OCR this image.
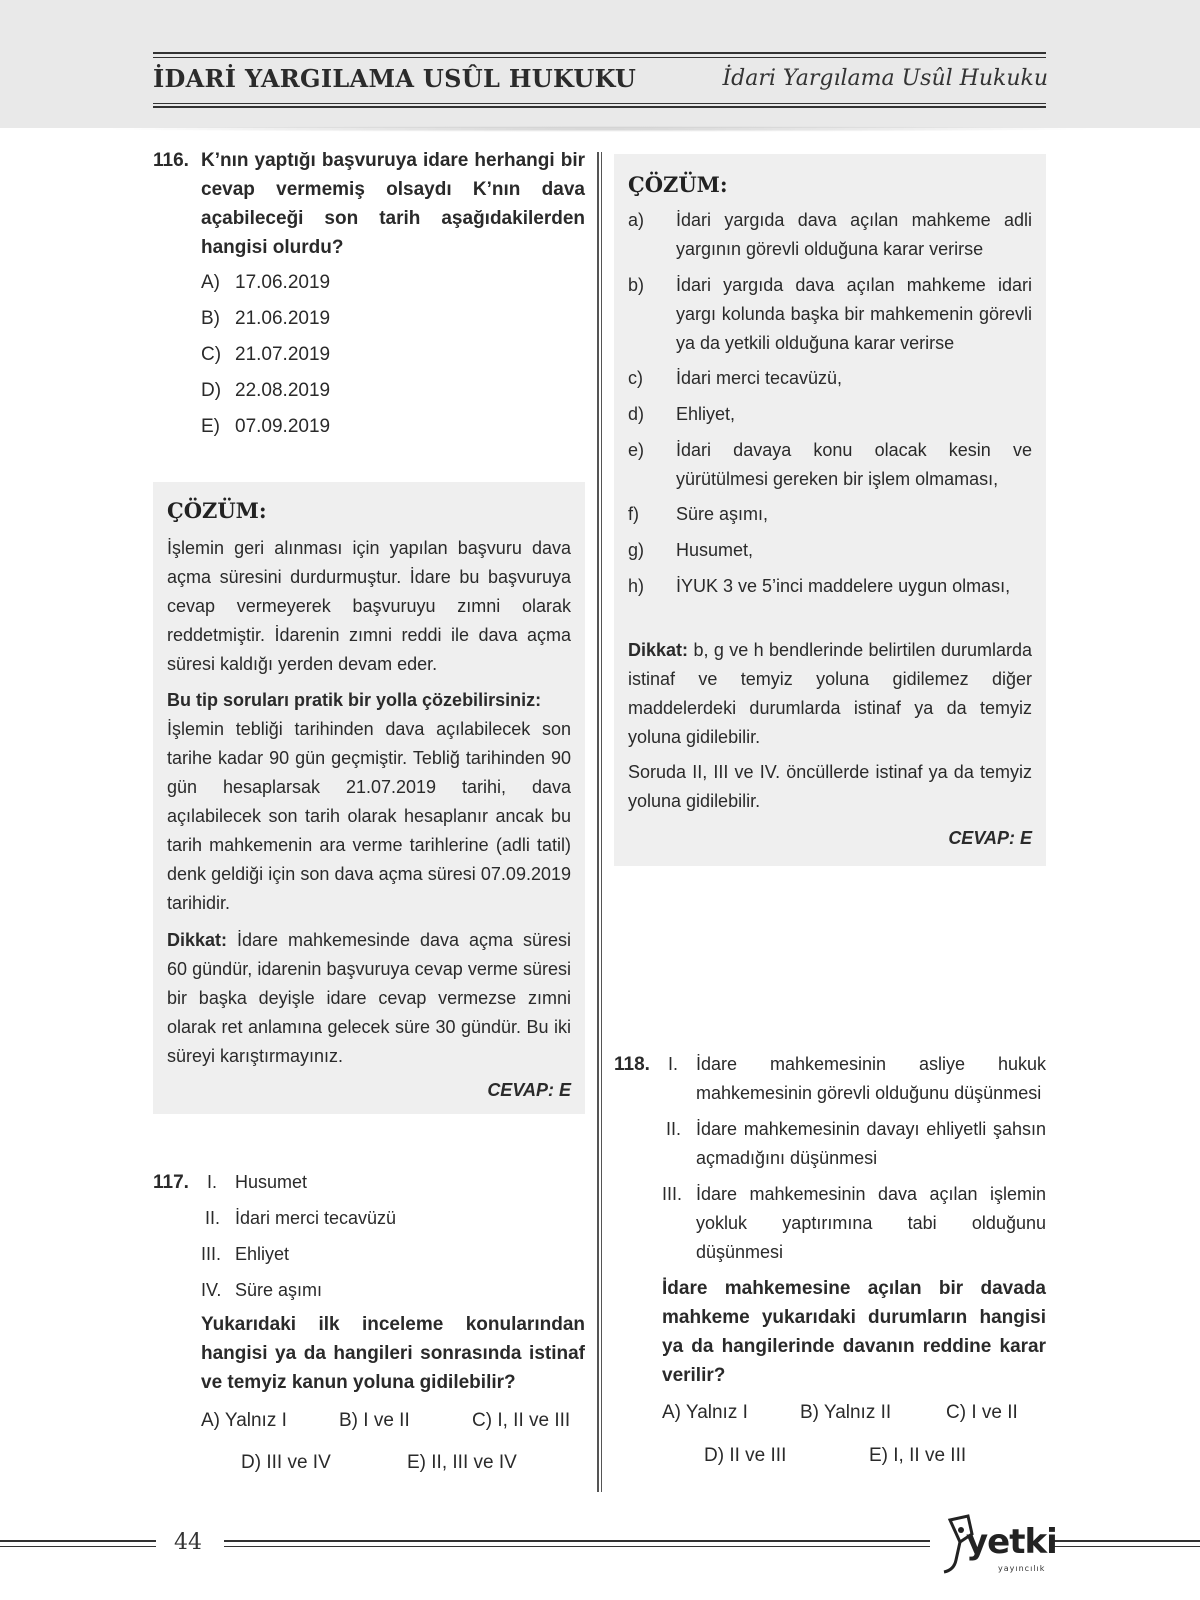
İDARİ YARGILAMA USÛL HUKUKU	İdari Yargılama Usûl Hukuku
116. K’nın yaptığı başvuruya idare herhangi bir cevap vermemiş olsaydı K’nın dava açabileceği son tarih aşağıdakilerden hangisi olurdu?
A) 17.06.2019
B) 21.06.2019
C) 21.07.2019
D) 22.08.2019
E) 07.09.2019
ÇÖZÜM:
İşlemin geri alınması için yapılan başvuru dava açma süresini durdurmuştur. İdare bu başvuruya cevap vermeyerek başvuruyu zımni olarak reddetmiştir. İdarenin zımni reddi ile dava açma süresi kaldığı yerden devam eder.
Bu tip soruları pratik bir yolla çözebilirsiniz:
İşlemin tebliği tarihinden dava açılabilecek son tarihe kadar 90 gün geçmiştir. Tebliğ tarihinden 90 gün hesaplarsak 21.07.2019 tarihi, dava açılabilecek son tarih olarak hesaplanır ancak bu tarih mahkemenin ara verme tarihlerine (adli tatil) denk geldiği için son dava açma süresi 07.09.2019 tarihidir.
Dikkat: İdare mahkemesinde dava açma süresi 60 gündür, idarenin başvuruya cevap verme süresi bir başka deyişle idare cevap vermezse zımni olarak ret anlamına gelecek süre 30 gündür. Bu iki süreyi karıştırmayınız.
CEVAP: E
117. I. Husumet
II. İdari merci tecavüzü
III. Ehliyet
IV. Süre aşımı
Yukarıdaki ilk inceleme konularından hangisi ya da hangileri sonrasında istinaf ve temyiz kanun yoluna gidilebilir?
A) Yalnız I	B) I ve II	C) I, II ve III
D) III ve IV	E) II, III ve IV
ÇÖZÜM:
a) İdari yargıda dava açılan mahkeme adli yargının görevli olduğuna karar verirse
b) İdari yargıda dava açılan mahkeme idari yargı kolunda başka bir mahkemenin görevli ya da yetkili olduğuna karar verirse
c) İdari merci tecavüzü,
d) Ehliyet,
e) İdari davaya konu olacak kesin ve yürütülmesi gereken bir işlem olmaması,
f) Süre aşımı,
g) Husumet,
h) İYUK 3 ve 5’inci maddelere uygun olması,
Dikkat: b, g ve h bendlerinde belirtilen durumlarda istinaf ve temyiz yoluna gidilemez diğer maddelerdeki durumlarda istinaf ya da temyiz yoluna gidilebilir.
Soruda II, III ve IV. öncüllerde istinaf ya da temyiz yoluna gidilebilir.
CEVAP: E
118. I. İdare mahkemesinin asliye hukuk mahkemesinin görevli olduğunu düşünmesi
II. İdare mahkemesinin davayı ehliyetli şahsın açmadığını düşünmesi
III. İdare mahkemesinin dava açılan işlemin yokluk yaptırımına tabi olduğunu düşünmesi
İdare mahkemesine açılan bir davada mahkeme yukarıdaki durumların hangisi ya da hangilerinde davanın reddine karar verilir?
A) Yalnız I	B) Yalnız II	C) I ve II
D) II ve III	E) I, II ve III
44	yetki
yayıncılık
